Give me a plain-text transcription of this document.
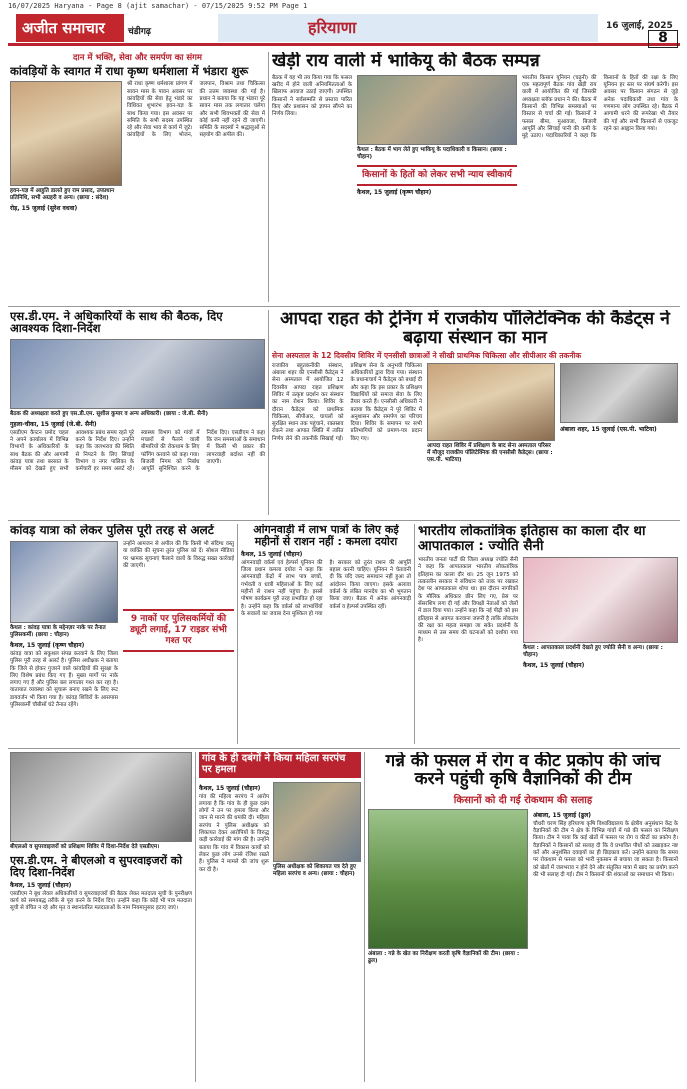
16/07/2025 Haryana - Page 8 (ajit samachar) - 07/15/2025 9:52 PM Page 1
अजीत समाचार	चंडीगढ़	हरियाणा	16 जुलाई, 2025
8
दान में भक्ति, सेवा और समर्पण का संगम
कांवड़ियों के स्वागत में राधा कृष्ण धर्मशाला में भंडारा शुरू
हवन-यज्ञ में आहुति डालते हुए राम प्रसाद, उपप्रधान प्रतिनिधि, सभी अग्रहरी व अन्य। (छाया : संदेश)
रोड़, 15 जुलाई (सुरेश वधवा)
श्री राधा कृष्ण धर्मशाला प्रांगण में सावन मास के पावन अवसर पर कांवड़ियों की सेवा हेतु भंडारे का विधिवत शुभारंभ हवन-यज्ञ के साथ किया गया। इस अवसर पर समिति के सभी सदस्य उपस्थित रहे और सेवा भाव से कार्य में जुटे। कांवड़ियों के लिए भोजन, जलपान, विश्राम तथा चिकित्सा की उत्तम व्यवस्था की गई है। प्रधान ने बताया कि यह भंडारा पूरे सावन मास तक लगातार चलेगा और सभी शिवभक्तों की सेवा में कोई कमी नहीं रहने दी जाएगी। समिति के सदस्यों ने श्रद्धालुओं से सहयोग की अपील की।
खेड़ी राय वाली में भाकियू की बैठक सम्पन्न
बैठक में यह भी तय किया गया कि फसल खरीद में होने वाली अनियमितताओं के खिलाफ आवाज उठाई जाएगी। उपस्थित किसानों ने सर्वसम्मति से प्रस्ताव पारित किए और प्रशासन को ज्ञापन सौंपने का निर्णय लिया।
कैथल : बैठक में भाग लेते हुए भाकियू के पदाधिकारी व किसान। (छाया : चौहान)
किसानों के हितों को लेकर सभी न्याय स्वीकार्य
कैथल, 15 जुलाई (कृष्ण चौहान)
भारतीय किसान यूनियन (चढ़ूनी) की एक महत्वपूर्ण बैठक गांव खेड़ी राय वाली में आयोजित की गई जिसकी अध्यक्षता ब्लॉक प्रधान ने की। बैठक में किसानों की विभिन्न समस्याओं पर विस्तार से चर्चा की गई। किसानों ने फसल बीमा, मुआवजा, बिजली आपूर्ति और सिंचाई पानी की कमी के मुद्दे उठाए। पदाधिकारियों ने कहा कि किसानों के हितों की रक्षा के लिए यूनियन हर स्तर पर संघर्ष करेगी। इस अवसर पर किसान संगठन से जुड़े अनेक पदाधिकारी तथा गांव के गणमान्य लोग उपस्थित रहे। बैठक में आगामी धरने की रूपरेखा भी तैयार की गई और सभी किसानों से एकजुट रहने का आह्वान किया गया।
एस.डी.एम. ने अधिकारियों के साथ की बैठक, दिए आवश्यक दिशा-निर्देश
बैठक की अध्यक्षता करते हुए एस.डी.एम. सुशील कुमार व अन्य अधिकारी। (छाया : जे.बी. सैनी)
गुहला-चीका, 15 जुलाई (जे.बी. सैनी)
एसडीएम कैप्टन प्रमोद चहल ने अपने कार्यालय में विभिन्न विभागों के अधिकारियों के साथ बैठक की और आगामी कांवड़ यात्रा तथा बरसात के मौसम को देखते हुए सभी आवश्यक प्रबंध समय रहते पूरे करने के निर्देश दिए। उन्होंने कहा कि जलभराव की स्थिति से निपटने के लिए सिंचाई विभाग व नगर पालिका के कर्मचारी हर समय अलर्ट रहें। स्वास्थ्य विभाग को गांवों में मच्छरों से फैलने वाली बीमारियों की रोकथाम के लिए फॉगिंग करवाने को कहा गया। बिजली निगम को निर्बाध आपूर्ति सुनिश्चित करने के निर्देश दिए। एसडीएम ने कहा कि जन समस्याओं के समाधान में किसी भी प्रकार की लापरवाही बर्दाश्त नहीं की जाएगी।
आपदा राहत की ट्रेनिंग में राजकीय पॉलिटेक्निक की कैडेट्स ने बढ़ाया संस्थान का मान
सेना अस्पताल के 12 दिवसीय शिविर में एनसीसी छात्राओं ने सीखी प्राथमिक चिकित्सा और सीपीआर की तकनीक
राजकीय बहुतकनीकी संस्थान, अंबाला शहर की एनसीसी कैडेट्स ने सेना अस्पताल में आयोजित 12 दिवसीय आपदा राहत प्रशिक्षण शिविर में उत्कृष्ट प्रदर्शन कर संस्थान का नाम रोशन किया। शिविर के दौरान कैडेट्स को प्राथमिक चिकित्सा, सीपीआर, घायलों को सुरक्षित स्थान तक पहुंचाने, रक्तस्राव रोकने तथा आपात स्थिति में त्वरित निर्णय लेने की तकनीकें सिखाई गईं। प्रशिक्षण सेना के अनुभवी चिकित्सा अधिकारियों द्वारा दिया गया। संस्थान के प्रधानाचार्य ने कैडेट्स को बधाई दी और कहा कि इस प्रकार के प्रशिक्षण विद्यार्थियों को समाज सेवा के लिए तैयार करते हैं। एनसीसी अधिकारी ने बताया कि कैडेट्स ने पूरे शिविर में अनुशासन और समर्पण का परिचय दिया। शिविर के समापन पर सभी प्रतिभागियों को प्रमाण-पत्र प्रदान किए गए।
आपदा राहत शिविर में प्रशिक्षण के बाद सेना अस्पताल परिसर में मौजूद राजकीय पॉलिटेक्निक की एनसीसी कैडेट्स। (छाया : एस.पी. भाटिया)
अंबाला शहर, 15 जुलाई (एस.पी. भाटिया)
कांवड़ यात्रा को लेकर पुलिस पूरी तरह से अलर्ट
कैथल : कांवड़ यात्रा के मद्देनज़र नाके पर तैनात पुलिसकर्मी। (छाया : चौहान)
कैथल, 15 जुलाई (कृष्ण चौहान)
कांवड़ यात्रा को सकुशल संपन्न करवाने के लिए जिला पुलिस पूरी तरह से अलर्ट है। पुलिस अधीक्षक ने बताया कि जिले से होकर गुजरने वाले कांवड़ियों की सुरक्षा के लिए विशेष प्रबंध किए गए हैं। मुख्य मार्गों पर नाके लगाए गए हैं और पुलिस बल लगातार गश्त कर रहा है। यातायात व्यवस्था को सुचारू बनाए रखने के लिए रूट डायवर्जन भी किया गया है। कांवड़ शिविरों के आसपास पुलिसकर्मी चौबीसों घंटे तैनात रहेंगे।
उन्होंने आमजन से अपील की कि किसी भी संदिग्ध वस्तु या व्यक्ति की सूचना तुरंत पुलिस को दें। सोशल मीडिया पर भ्रामक सूचनाएं फैलाने वालों के विरुद्ध सख्त कार्रवाई की जाएगी।
9 नाकों पर पुलिसकर्मियों की ड्यूटी लगाई, 17 राइडर संभी गश्त पर
आंगनवाड़ी में लाभ पात्रों के लिए कई महीनों से राशन नहीं : कमला दयोरा
कैथल, 15 जुलाई (चौहान)
आंगनवाड़ी वर्कर्स एवं हेल्पर्स यूनियन की जिला प्रधान कमला दयोरा ने कहा कि आंगनवाड़ी केंद्रों में लाभ पात्र बच्चों, गर्भवती व धात्री महिलाओं के लिए कई महीनों से राशन नहीं पहुंचा है। इससे पोषण कार्यक्रम पूरी तरह प्रभावित हो रहा है। उन्होंने कहा कि वर्कर्स को लाभार्थियों के सवालों का जवाब देना मुश्किल हो गया है। सरकार को तुरंत राशन की आपूर्ति बहाल करनी चाहिए। यूनियन ने चेतावनी दी कि यदि जल्द समाधान नहीं हुआ तो आंदोलन किया जाएगा। इसके अलावा वर्कर्स के लंबित मानदेय का भी भुगतान किया जाए। बैठक में अनेक आंगनवाड़ी वर्कर्स व हेल्पर्स उपस्थित रहीं।
भारतीय लोकतांत्रिक इतिहास का काला दौर था आपातकाल : ज्योति सैनी
भारतीय जनता पार्टी की जिला अध्यक्ष ज्योति सैनी ने कहा कि आपातकाल भारतीय लोकतांत्रिक इतिहास का काला दौर था। 25 जून 1975 को तत्कालीन सरकार ने संविधान को ताक पर रखकर देश पर आपातकाल थोपा था। इस दौरान नागरिकों के मौलिक अधिकार छीन लिए गए, प्रेस पर सेंसरशिप लगा दी गई और विपक्षी नेताओं को जेलों में डाल दिया गया। उन्होंने कहा कि नई पीढ़ी को इस इतिहास से अवगत करवाना जरूरी है ताकि लोकतंत्र की रक्षा का महत्व समझा जा सके। प्रदर्शनी के माध्यम से उस समय की घटनाओं को दर्शाया गया है।
कैथल : आपातकाल प्रदर्शनी देखते हुए ज्योति सैनी व अन्य। (छाया : चौहान)
कैथल, 15 जुलाई (चौहान)
बीएलओ व सुपरवाइजरों को प्रशिक्षण शिविर में दिशा-निर्देश देते एसडीएम।
एस.डी.एम. ने बीएलओ व सुपरवाइजरों को दिए दिशा-निर्देश
कैथल, 15 जुलाई (चौहान)
एसडीएम ने बूथ लेवल अधिकारियों व सुपरवाइजरों की बैठक लेकर मतदाता सूची के पुनरीक्षण कार्य को समयबद्ध तरीके से पूरा करने के निर्देश दिए। उन्होंने कहा कि कोई भी पात्र मतदाता सूची से वंचित न रहे और मृत व स्थानांतरित मतदाताओं के नाम नियमानुसार हटाए जाएं।
गांव के ही दबंगों ने किया महिला सरपंच पर हमला
कैथल, 15 जुलाई (चौहान)
गांव की महिला सरपंच ने आरोप लगाया है कि गांव के ही कुछ दबंग लोगों ने उन पर हमला किया और जान से मारने की धमकी दी। महिला सरपंच ने पुलिस अधीक्षक को शिकायत देकर आरोपियों के विरुद्ध कड़ी कार्रवाई की मांग की है। उन्होंने बताया कि गांव में विकास कार्यों को लेकर कुछ लोग उनसे रंजिश रखते हैं। पुलिस ने मामले की जांच शुरू कर दी है।	पुलिस अधीक्षक को शिकायत पत्र देते हुए महिला सरपंच व अन्य। (छाया : चौहान)
गन्ने की फसल में रोग व कीट प्रकोप की जांच करने पहुंची कृषि वैज्ञानिकों की टीम
किसानों को दी गई रोकथाम की सलाह
अंबाला : गन्ने के खेत का निरीक्षण करती कृषि वैज्ञानिकों की टीम। (छाया : ढुल)
अंबाला, 15 जुलाई (ढुल)
चौधरी चरण सिंह हरियाणा कृषि विश्वविद्यालय के क्षेत्रीय अनुसंधान केंद्र के वैज्ञानिकों की टीम ने क्षेत्र के विभिन्न गांवों में गन्ने की फसल का निरीक्षण किया। टीम ने पाया कि कई खेतों में फसल पर रोग व कीटों का प्रकोप है। वैज्ञानिकों ने किसानों को सलाह दी कि वे प्रभावित पौधों को उखाड़कर नष्ट करें और अनुशंसित दवाइयों का ही छिड़काव करें। उन्होंने बताया कि समय पर रोकथाम से फसल को भारी नुकसान से बचाया जा सकता है। किसानों को खेतों में जलभराव न होने देने और संतुलित मात्रा में खाद का प्रयोग करने की भी सलाह दी गई। टीम ने किसानों की शंकाओं का समाधान भी किया।
